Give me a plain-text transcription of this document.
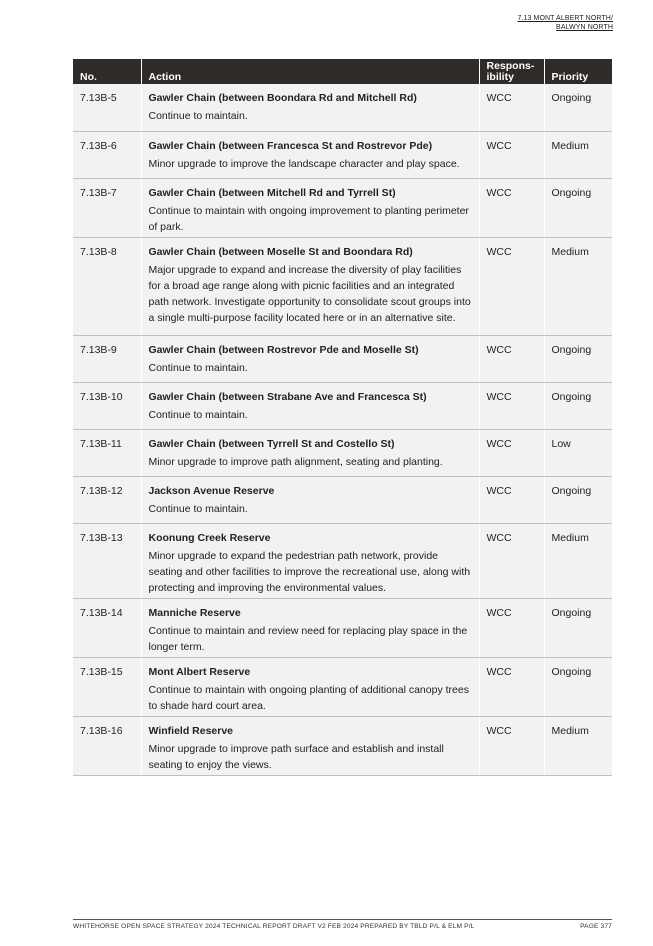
7.13 MONT ALBERT NORTH/
BALWYN NORTH
No.	Action	Respons-
ibility	Priority
7.13B-5	Gawler Chain (between Boondara Rd and Mitchell Rd)
Continue to maintain.	WCC	Ongoing
7.13B-6	Gawler Chain (between Francesca St and Rostrevor Pde)
Minor upgrade to improve the landscape character and play space.	WCC	Medium
7.13B-7	Gawler Chain (between Mitchell Rd and Tyrrell St)
Continue to maintain with ongoing improvement to planting perimeter of park.	WCC	Ongoing
7.13B-8	Gawler Chain (between Moselle St and Boondara Rd)
Major upgrade to expand and increase the diversity of play facilities for a broad age range along with picnic facilities and an integrated path network. Investigate opportunity to consolidate scout groups into a single multi-purpose facility located here or in an alternative site.	WCC	Medium
7.13B-9	Gawler Chain (between Rostrevor Pde and Moselle St)
Continue to maintain.	WCC	Ongoing
7.13B-10	Gawler Chain (between Strabane Ave and Francesca St)
Continue to maintain.	WCC	Ongoing
7.13B-11	Gawler Chain (between Tyrrell St and Costello St)
Minor upgrade to improve path alignment, seating and planting.	WCC	Low
7.13B-12	Jackson Avenue Reserve
Continue to maintain.	WCC	Ongoing
7.13B-13	Koonung Creek Reserve
Minor upgrade to expand the pedestrian path network, provide seating and other facilities to improve the recreational use, along with protecting and improving the environmental values.	WCC	Medium
7.13B-14	Manniche Reserve
Continue to maintain and review need for replacing play space in the longer term.	WCC	Ongoing
7.13B-15	Mont Albert Reserve
Continue to maintain with ongoing planting of additional canopy trees to shade hard court area.	WCC	Ongoing
7.13B-16	Winfield Reserve
Minor upgrade to improve path surface and establish and install seating to enjoy the views.	WCC	Medium
WHITEHORSE OPEN SPACE STRATEGY 2024 TECHNICAL REPORT DRAFT V2 FEB 2024 PREPARED BY TBLD P/L & ELM P/L	PAGE 377
